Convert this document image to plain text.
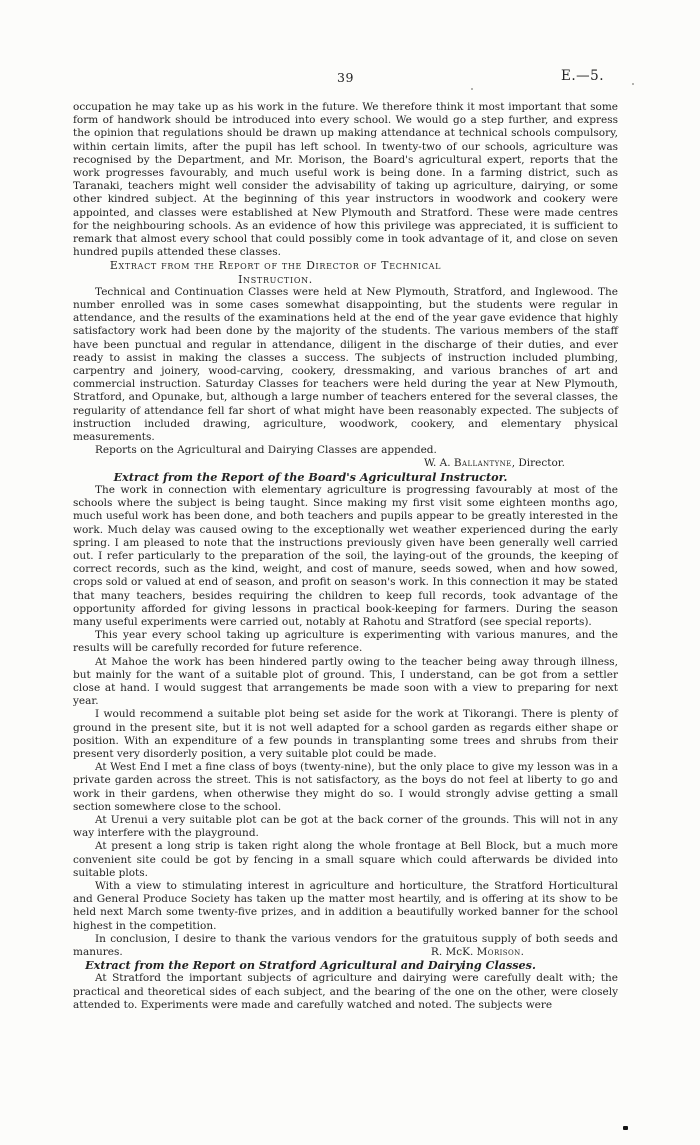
39	E.—5.

occupation he may take up as his work in the future. We therefore think it most important that some form of handwork should be introduced into every school. We would go a step further, and express the opinion that regulations should be drawn up making attendance at technical schools compulsory, within certain limits, after the pupil has left school. In twenty-two of our schools, agriculture was recognised by the Department, and Mr. Morison, the Board's agricultural expert, reports that the work progresses favourably, and much useful work is being done. In a farming district, such as Taranaki, teachers might well consider the advisability of taking up agriculture, dairying, or some other kindred subject. At the beginning of this year instructors in woodwork and cookery were appointed, and classes were established at New Plymouth and Stratford. These were made centres for the neighbouring schools. As an evidence of how this privilege was appreciated, it is sufficient to remark that almost every school that could possibly come in took advantage of it, and close on seven hundred pupils attended these classes.

Extract from the Report of the Director of Technical Instruction.

Technical and Continuation Classes were held at New Plymouth, Stratford, and Inglewood. The number enrolled was in some cases somewhat disappointing, but the students were regular in attendance, and the results of the examinations held at the end of the year gave evidence that highly satisfactory work had been done by the majority of the students. The various members of the staff have been punctual and regular in attendance, diligent in the discharge of their duties, and ever ready to assist in making the classes a success. The subjects of instruction included plumbing, carpentry and joinery, wood-carving, cookery, dressmaking, and various branches of art and commercial instruction. Saturday Classes for teachers were held during the year at New Plymouth, Stratford, and Opunake, but, although a large number of teachers entered for the several classes, the regularity of attendance fell far short of what might have been reasonably expected. The subjects of instruction included drawing, agriculture, woodwork, cookery, and elementary physical measurements.

Reports on the Agricultural and Dairying Classes are appended.

W. A. Ballantyne, Director.

Extract from the Report of the Board's Agricultural Instructor.

The work in connection with elementary agriculture is progressing favourably at most of the schools where the subject is being taught. Since making my first visit some eighteen months ago, much useful work has been done, and both teachers and pupils appear to be greatly interested in the work. Much delay was caused owing to the exceptionally wet weather experienced during the early spring. I am pleased to note that the instructions previously given have been generally well carried out. I refer particularly to the preparation of the soil, the laying-out of the grounds, the keeping of correct records, such as the kind, weight, and cost of manure, seeds sowed, when and how sowed, crops sold or valued at end of season, and profit on season's work. In this connection it may be stated that many teachers, besides requiring the children to keep full records, took advantage of the opportunity afforded for giving lessons in practical book-keeping for farmers. During the season many useful experiments were carried out, notably at Rahotu and Stratford (see special reports).

This year every school taking up agriculture is experimenting with various manures, and the results will be carefully recorded for future reference.

At Mahoe the work has been hindered partly owing to the teacher being away through illness, but mainly for the want of a suitable plot of ground. This, I understand, can be got from a settler close at hand. I would suggest that arrangements be made soon with a view to preparing for next year.

I would recommend a suitable plot being set aside for the work at Tikorangi. There is plenty of ground in the present site, but it is not well adapted for a school garden as regards either shape or position. With an expenditure of a few pounds in transplanting some trees and shrubs from their present very disorderly position, a very suitable plot could be made.

At West End I met a fine class of boys (twenty-nine), but the only place to give my lesson was in a private garden across the street. This is not satisfactory, as the boys do not feel at liberty to go and work in their gardens, when otherwise they might do so. I would strongly advise getting a small section somewhere close to the school.

At Urenui a very suitable plot can be got at the back corner of the grounds. This will not in any way interfere with the playground.

At present a long strip is taken right along the whole frontage at Bell Block, but a much more convenient site could be got by fencing in a small square which could afterwards be divided into suitable plots.

With a view to stimulating interest in agriculture and horticulture, the Stratford Horticultural and General Produce Society has taken up the matter most heartily, and is offering at its show to be held next March some twenty-five prizes, and in addition a beautifully worked banner for the school highest in the competition.

In conclusion, I desire to thank the various vendors for the gratuitous supply of both seeds and manures.	R. McK. Morison.

Extract from the Report on Stratford Agricultural and Dairying Classes.

At Stratford the important subjects of agriculture and dairying were carefully dealt with; the practical and theoretical sides of each subject, and the bearing of the one on the other, were closely attended to. Experiments were made and carefully watched and noted. The subjects were
